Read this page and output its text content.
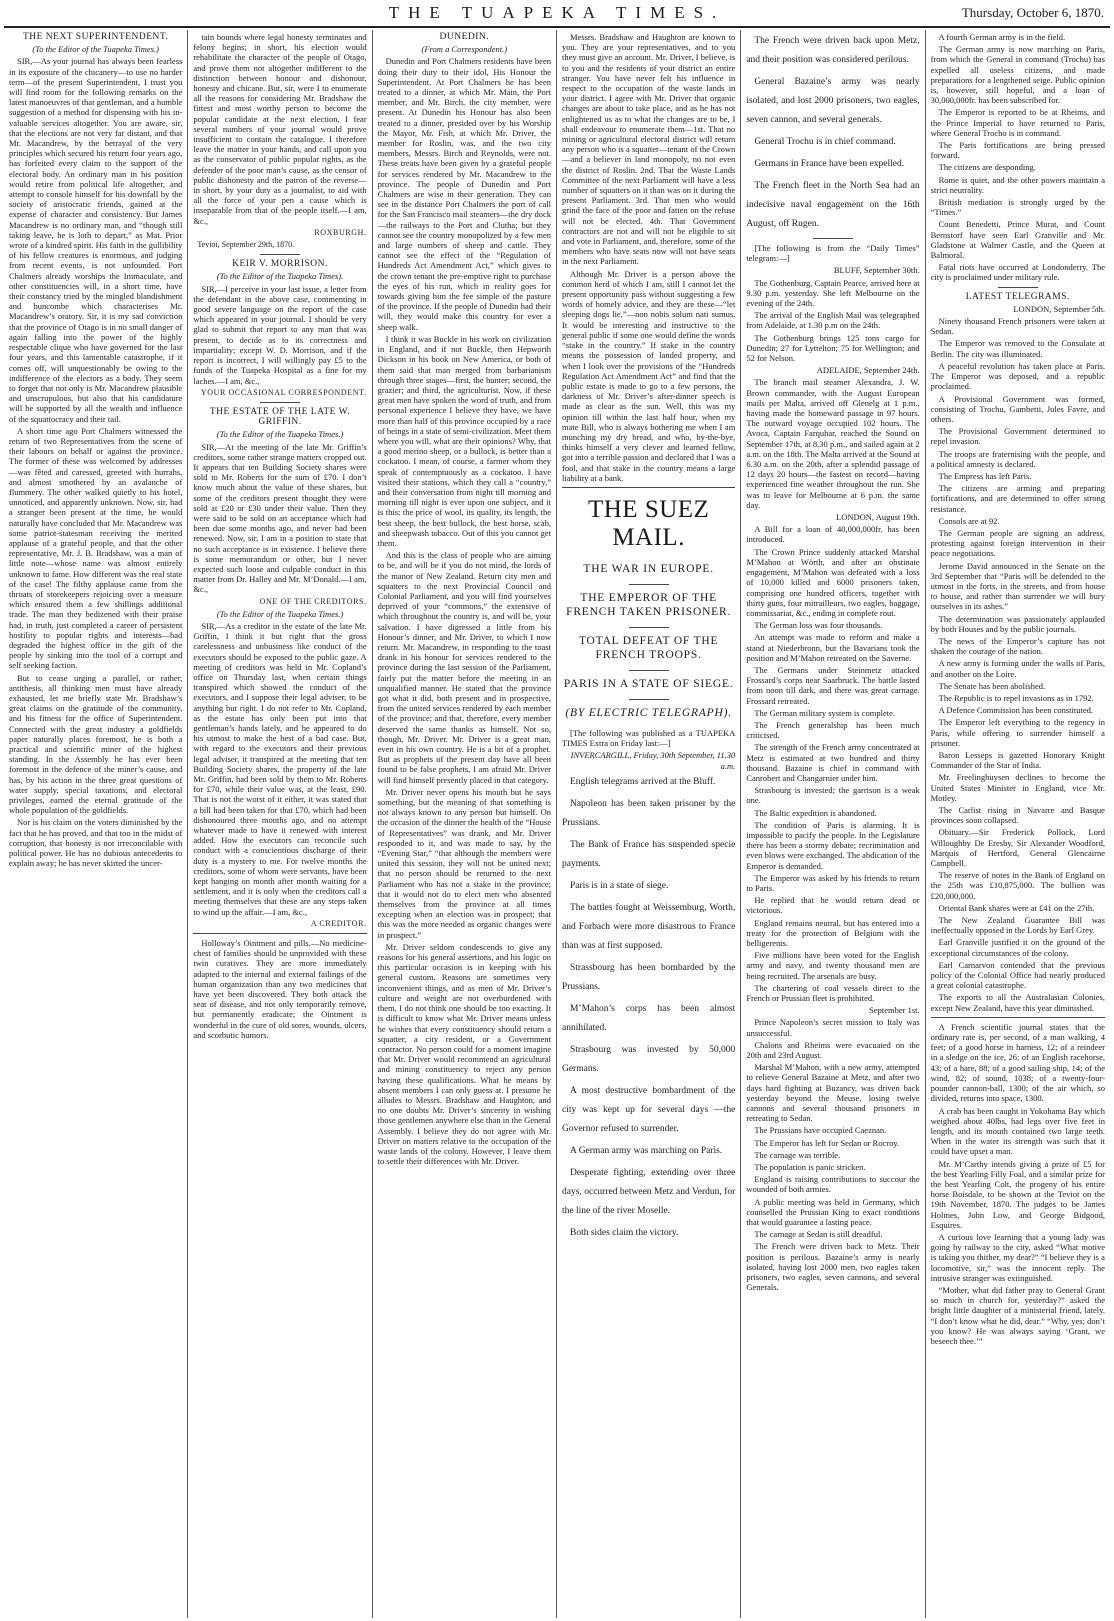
THE TUAPEKA TIMES.	Thursday, October 6, 1870.

THE NEXT SUPERINTENDENT.

(To the Editor of the Tuapeka Times.)

SIR,—As your journal has always been fearless in its exposure of the chicanery—to use no harder term—of the present Superintendent, I trust you will find room for the following remarks on the latest manoeuvres of that gentleman, and a humble suggestion of a method for dispensing with his in-valuable services altogether. You are aware, sir, that the elections are not very far distant, and that Mr. Macandrew, by the betrayal of the very principles which secured his return four years ago, has forfeited every claim to the support of the electoral body. An ordinary man in his position would retire from political life altogether, and attempt to console himself for his downfall by the society of aristocratic friends, gained at the expense of character and consistency. But James Macandrew is no ordinary man, and “though still taking leave, he is loth to depart,” as Mat. Prior wrote of a kindred spirit. His faith in the gullibility of his fellow creatures is enormous, and judging from recent events, is not unfounded. Port Chalmers already worships the Immaculate, and other constituencies will, in a short time, have their constancy tried by the mingled blandishment and buncombe which characterises Mr. Macandrew’s oratory. Sir, it is my sad conviction that the province of Otago is in no small danger of again falling into the power of the highly respectable clique who have governed for the last four years, and this lamentable catastrophe, if it comes off, will unquestionably be owing to the indifference of the electors as a body. They seem to forget that not only is Mr. Macandrew plausible and unscrupulous, but also that his candidature will be supported by all the wealth and influence of the squattocracy and their tail.

A short time ago Port Chalmers witnessed the return of two Representatives from the scene of their labours on behalf or against the province. The former of these was welcomed by addresses—was fêted and caressed, greeted with hurrahs, and almost smothered by an avalanche of flummery. The other walked quietly to his hotel, unnoticed, and apparently unknown. Now, sir, had a stranger been present at the time, he would naturally have concluded that Mr. Macandrew was some patriot-statesman receiving the merited applause of a grateful people, and that the other representative, Mr. J. B. Bradshaw, was a man of little note—whose name was almost entirely unknown to fame. How different was the real state of the case! The filthy applause came from the throats of storekeepers rejoicing over a measure which ensured them a few shillings additional trade. The man they bedizened with their praise had, in truth, just completed a career of persistent hostility to popular rights and interests—had degraded the highest office in the gift of the people by sinking into the tool of a corrupt and self seeking faction.

But to cease urging a parallel, or rather, antithesis, all thinking men must have already exhausted, let me briefly state Mr. Bradshaw’s great claims on the gratitude of the community, and his fitness for the office of Superintendent. Connected with the great industry a goldfields paper naturally places foremost, he is both a practical and scientific miner of the highest standing. In the Assembly he has ever been foremost in the defence of the miner’s cause, and has, by his action in the three great questions of water supply, special taxations, and electoral privileges, earned the eternal gratitude of the whole population of the goldfields.

Nor is his claim on the voters diminished by the fact that he has proved, and that too in the midst of corruption, that honesty is not irreconcilable with political power. He has no dubious antecedents to explain away; he has never skirted the uncer-

tain bounds where legal honesty terminates and felony begins; in short, his election would rehabilitate the character of the people of Otago, and prove them not altogether indifferent to the distinction between honour and dishonour, honesty and chicane. But, sir, were I to enumerate all the reasons for considering Mr. Bradshaw the fittest and most worthy person to become the popular candidate at the next election, I fear several numbers of your journal would prove insufficient to contain the catalogue. I therefore leave the matter in your hands, and call upon you as the conservator of public popular rights, as the defender of the poor man’s cause, as the censor of public dishonesty and the patron of the reverse—in short, by your duty as a journalist, to aid with all the force of your pen a cause which is inseparable from that of the people itself.—I am, &c.,

ROXBURGH.

Teviot, September 29th, 1870.

KEIR V. MORRISON.

(To the Editor of the Tuapeka Times).

SIR,—I perceive in your last issue, a letter from the defendant in the above case, commenting in good severe language on the report of the case which appeared in your journal. I should be very glad to submit that report to any man that was present, to decide as to its correctness and impartiality; except W. D. Morrison, and if the report is incorrect, I will willingly pay £5 to the funds of the Tuapeka Hospital as a fine for my laches.—I am, &c.,

YOUR OCCASIONAL CORRESPONDENT.

THE ESTATE OF THE LATE W. GRIFFIN.

(To the Editor of the Tuapeka Times.)

SIR,—At the meeting of the late Mr. Griffin’s creditors, some rather strange matters cropped out. It appears that ten Building Society shares were sold to Mr. Roberts for the sum of £70. I don’t know much about the value of these shares, but some of the creditors present thought they were sold at £20 or £30 under their value. Then they were said to be sold on an acceptance which had been due some months ago, and never had been renewed. Now, sir, I am in a position to state that no such acceptance is in existence. I believe there is some memorandum or other, but I never expected such loose and culpable conduct in this matter from Dr. Halley and Mr. M’Donald.—I am, &c.,

ONE OF THE CREDITORS.

(To the Editor of the Tuapeka Times.)

SIR,—As a creditor in the estate of the late Mr. Griffin, I think it but right that the gross carelessness and unbusiness like conduct of the executors should be exposed to the public gaze. A meeting of creditors was held in Mr. Copland’s office on Thursday last, when certain things transpired which showed the conduct of the executors, and I suppose their legal adviser, to be anything but right. I do not refer to Mr. Copland, as the estate has only been put into that gentleman’s hands lately, and he appeared to do his utmost to make the best of a bad case. But, with regard to the executors and their previous legal adviser, it transpired at the meeting that ten Building Society shares, the property of the late Mr. Griffin, had been sold by them to Mr. Roberts for £70, while their value was, at the least, £90. That is not the worst of it either, it was stated that a bill had been taken for that £70, which had been dishonoured three months ago, and no attempt whatever made to have it renewed with interest added. How the executors can reconcile such conduct with a conscientious discharge of their duty is a mystery to me. For twelve months the creditors, some of whom were servants, have been kept hanging on month after month waiting for a settlement, and it is only when the creditors call a meeting themselves that these are any steps taken to wind up the affair.—I am, &c.,

A CREDITOR.

Holloway’s Ointment and pills.—No medicine-chest of families should be unprovided with these twin curatives. They are more immediately adapted to the internal and external failings of the human organization than any two medicines that have yet been discovered. They both attack the seat of disease, and not only temporarily remove, but permanently eradicate; the Ointment is wonderful in the cure of old sores, wounds, ulcers, and scorbutic humors.

DUNEDIN.

(From a Correspondent.)

Dunedin and Port Chalmers residents have been doing their duty to their idol, His Honour the Superintendent. At Port Chalmers he has been treated to a dinner, at which Mr. Main, the Port member, and Mr. Birch, the city member, were present. At Dunedin his Honour has also been treated to a dinner, presided over by his Worship the Mayor, Mr. Fish, at which Mr. Driver, the member for Roslin, was, and the two city members, Messrs. Birch and Reynolds, were not. These treats have been given by a grateful people for services rendered by Mr. Macandrew to the province. The people of Dunedin and Port Chalmers are wise in their generation. They can see in the distance Port Chalmers the port of call for the San Francisco mail steamers—the dry dock—the railways to the Port and Clutha; but they cannot see the country monopolized by a few men and large numbers of sheep and cattle. They cannot see the effect of the “Regulation of Hundreds Act Amendment Act,” which gives to the crown tenant the pre-emptive right to purchase the eyes of his run, which in reality goes for towards giving him the fee simple of the pasture of the province. If the people of Dunedin had their will, they would make this country for ever a sheep walk.

I think it was Buckle in his work on civilization in England, and if not Buckle, then Hepworth Dickson in his book on New America, or both of them said that man merged from barbarianism through three stages—first, the hunter; second, the grazier; and third, the agriculturist. Now, if these great men have spoken the word of truth, and from personal experience I believe they have, we have more than half of this province occupied by a race of beings in a state of semi-civilization. Meet them where you will, what are their opinions? Why, that a good merino sheep, or a bullock, is better than a cockatoo. I mean, of course, a farmer whom they speak of contemptuously as a cockatoo. I have visited their stations, which they call a “country,” and their conversation from night till morning and morning till night is ever upon one subject, and it is this: the price of wool, its quality, its length, the best sheep, the best bullock, the best horse, scab, and sheepwash tobacco. Out of this you cannot get them.

And this is the class of people who are aiming to be, and will be if you do not mind, the lords of the manor of New Zealand. Return city men and squatters to the next Provincial Council and Colonial Parliament, and you will find yourselves deprived of your “commons,” the extensive of which throughout the country is, and will be, your salvation. I have digressed a little from his Honour’s dinner, and Mr. Driver, to which I now return. Mr. Macandrew, in responding to the toast drank in his honour for services rendered to the province during the last session of the Parliament, fairly put the matter before the meeting in an unqualified manner. He stated that the province got what it did, both present and in prospective, from the united services rendered by each member of the province; and that, therefore, every member deserved the same thanks as himself. Not so, though, Mr. Driver. Mr. Driver is a great man, even in his own country. He is a bit of a prophet. But as prophets of the present day have all been found to be false prophets, I am afraid Mr. Driver will find himself presently placed in that category.

Mr. Driver never opens his mouth but he says something, but the meaning of that something is not always known to any person but himself. On the occasion of the dinner the health of the “House of Representatives” was drank, and Mr. Driver responded to it, and was made to say, by the “Evening Star,” “that although the members were united this session, they will not be united next; that no person should be returned to the next Parliament who has not a stake in the province; that it would not do to elect men who absented themselves from the province at all times excepting when an election was in prospect; that this was the more needed as organic changes were in prospect.”

Mr. Driver seldom condescends to give any reasons for his general assertions, and his logic on this particular occasion is in keeping with his general custom. Reasons are sometimes very inconvenient things, and as men of Mr. Driver’s culture and weight are not overburdened with them, I do not think one should be too exacting. It is difficult to know what Mr. Driver means unless he wishes that every constituency should return a squatter, a city resident, or a Government contractor. No person could for a moment imagine that Mr. Driver would recommend an agricultural and mining constituency to reject any person having these qualifications. What he means by absent members I can only guess at. I presume he alludes to Messrs. Bradshaw and Haughton, and no one doubts Mr. Driver’s sincerity in wishing those gentlemen anywhere else than in the General Assembly. I believe they do not agree with Mr. Driver on matters relative to the occupation of the waste lands of the colony. However, I leave them to settle their differences with Mr. Driver.

Messrs. Bradshaw and Haughton are known to you. They are your representatives, and to you they must give an account. Mr. Driver, I believe, is to you and the residents of your district an entire stranger. You have never felt his influence in respect to the occupation of the waste lands in your district. I agree with Mr. Driver that organic changes are about to take place, and as he has not enlightened us as to what the changes are to be, I shall endeavour to enumerate them—1st. That no mining or agricultural electoral district will return any person who is a squatter—tenant of the Crown—and a believer in land monopoly, no not even the district of Roslin. 2nd. That the Waste Lands Committee of the next Parliament will have a less number of squatters on it than was on it during the present Parliament. 3rd. That men who would grind the face of the poor and fatten on the refuse will not be elected. 4th. That Government contractors are not and will not be eligible to sit and vote in Parliament, and, therefore, some of the members who have seats now will not have seats in the next Parliament.

Although Mr. Driver is a person above the common herd of which I am, still I cannot let the present opportunity pass without suggesting a few words of homely advice, and they are these—“let sleeping dogs lie,”—non nobis solum nati sumus. It would be interesting and instructive to the general public if some one would define the words “stake in the country.” If stake in the country means the possession of landed property, and when I look over the provisions of the “Hundreds Regulation Act Amendment Act” and find that the public estate is made to go to a few persons, the darkness of Mr. Driver’s after-dinner speech is made as clear as the sun. Well, this was my opinion till within the last half hour, when my mate Bill, who is always bothering me when I am munching my dry bread, and who, by-the-bye, thinks himself a very clever and learned fellow, got into a terrible passion and declared that I was a fool, and that stake in the country means a large liability at a bank.

THE SUEZ MAIL.
THE WAR IN EUROPE.
THE EMPEROR OF THE FRENCH TAKEN PRISONER.
TOTAL DEFEAT OF THE FRENCH TROOPS.
PARIS IN A STATE OF SIEGE.
(BY ELECTRIC TELEGRAPH).

[The following was published as a TUAPEKA TIMES Extra on Friday last:—]

INVERCARGILL, Friday, 30th September, 11.30 a.m.

English telegrams arrived at the Bluff.

Napoleon has been taken prisoner by the Prussians.

The Bank of France has suspended specie payments.

Paris is in a state of siege.

The battles fought at Weissemburg, Worth, and Forbach were more disastrous to France than was at first supposed.

Strassbourg has been bombarded by the Prussians.

M’Mahon’s corps has been almost annihilated.

Strasbourg was invested by 50,000 Germans.

A most destructive bombardment of the city was kept up for several days —the Governor refused to surrender.

A German army was marching on Paris.

Desperate fighting, extending over three days, occurred between Metz and Verdun, for the line of the river Moselle.

Both sides claim the victory.

The French were driven back upon Metz, and their position was considered perilous.

General Bazaine’s army was nearly isolated, and lost 2000 prisoners, two eagles, seven cannon, and several generals.

General Trochu is in chief command.

Germans in France have been expelled.

The French fleet in the North Sea had an indecisive naval engagement on the 16th August, off Rugen.

[The following is from the “Daily Times” telegram:—]

BLUFF, September 30th.

The Gothenburg, Captain Pearce, arrived here at 9.30 p.m. yesterday. She left Melbourne on the evening of the 24th.

The arrival of the English Mail was telegraphed from Adelaide, at 1.30 p.m on the 24th.

The Gothenburg brings 125 tons cargo for Dunedin; 27 for Lyttelton; 75 for Wellington; and 52 for Nelson.

ADELAIDE, September 24th.

The branch mail steamer Alexandra, J. W. Brown commander, with the August European mails per Malta, arrived off Glenelg at 1 p.m., having made the homeward passage in 97 hours. The outward voyage occupied 102 hours. The Avoca, Captain Farquhar, reached the Sound on September 17th, at 8.30 p.m., and sailed again at 2 a.m. on the 18th. The Malta arrived at the Sound at 6.30 a.m. on the 20th, after a splendid passage of 12 days 20 hours—the fastest on record—having experienced fine weather throughout the run. She was to leave for Melbourne at 6 p.m. the same day.

LONDON, August 19th.

A Bill for a loan of 40,000,000fr. has been introduced.

The Crown Prince suddenly attacked Marshal M’Mahon at Wörth, and after an obstinate engagement, M’Mahon was defeated with a loss of 10,000 killed and 6000 prisoners taken, comprising one hundred officers, together with thirty guns, four mitrailleurs, two eagles, baggage, commissariat, &c., ending in complete rout.

The German loss was four thousands.

An attempt was made to reform and make a stand at Niederbronn, but the Bavarians took the position and M’Mahon retreated on the Saverne.

The Germans under Steinmetz attacked Frossard’s corps near Saarbruck. The battle lasted from noon till dark, and there was great carnage. Frossard retreated.

The German military system is complete.

The French generalship has been much criticised.

The strength of the French army concentrated at Metz is estimated at two hundred and thirty thousand. Bazaine is chief in command with Canrobert and Changarnier under him.

Strasbourg is invested; the garrison is a weak one.

The Baltic expedition is abandoned.

The condition of Paris is alarming. It is impossible to pacify the people. In the Legislature there has been a stormy debate; recrimination and even blows were exchanged. The abdication of the Emperor is demanded.

The Emperor was asked by his friends to return to Paris.

He replied that he would return dead or victorious.

England remains neutral, but has entered into a treaty for the protection of Belgium with the belligerents.

Five millions have been voted for the English army and navy, and twenty thousand men are being recruited. The arsenals are busy.

The chartering of coal vessels direct to the French or Prussian fleet is prohibited.

September 1st.

Prince Napoleon’s secret mission to Italy was unsuccessful.

Chalons and Rheims were evacuated on the 20th and 23rd August.

Marshal M’Mahon, with a new army, attempted to relieve General Bazaine at Metz, and after two days hard fighting at Buzancy, was driven back yesterday beyond the Meuse, losing twelve cannons and several thousand prisoners in retreating to Sedan.

The Prussians have occupied Caeznan.

The Emperor has left for Sedan or Rocroy.

The carnage was terrible.

The population is panic stricken.

England is raising contributions to succour the wounded of both armies.

A public meeting was held in Germany, which counselled the Prussian King to exact conditions that would guarantee a lasting peace.

The carnage at Sedan is still dreadful.

The French were driven back to Metz. Their position is perilous. Bazaine’s army is nearly isolated, having lost 2000 men, two eagles taken prisoners, two eagles, seven cannons, and several Generals.

A fourth German army is in the field.

The German army is now marching on Paris, from which the General in command (Trochu) has expelled all useless citizens, and made preparations for a lengthened seige. Public opinion is, however, still hopeful, and a loan of 30,000,000fr. has been subscribed for.

The Emperor is reported to be at Rheims, and the Prince Imperial to have returned to Paris, where General Trocho is in command.

The Paris fortifications are being pressed forward.

The citizens are desponding.

Rome is quiet, and the other powers maintain a strict neutrality.

British mediation is strongly urged by the “Times.”

Count Benedetti, Prince Murat, and Count Bernstorf have seen Earl Granville and Mr. Gladstone at Walmer Castle, and the Queen at Balmoral.

Fatal riots have occurred at Londonderry. The city is proclaimed under military rule.

LATEST TELEGRAMS.

LONDON, September 5th.

Ninety thousand French prisoners were taken at Sedan.

The Emperor was removed to the Consulate at Berlin. The city was illuminated.

A peaceful revolution has taken place at Paris. The Emperor was deposed, and a republic proclaimed.

A Provisional Government was formed, consisting of Trochu, Gambetti, Jules Favre, and others.

The Provisional Government determined to repel invasion.

The troops are fraternising with the people, and a political amnesty is declared.

The Empress has left Paris.

The citizens are arming and preparing fortifications, and are determined to offer strong resistance.

Consols are at 92.

The German people are signing an address, protesting against foreign intervention in their peace negotiations.

Jerome David announced in the Senate on the 3rd September that “Paris will be defended to the utmost in the forts, in the streets, and from house to house, and rather than surrender we will bury ourselves in its ashes.”

The determination was passionately applauded by both Houses and by the public journals.

The news of the Emperor’s capture has not shaken the courage of the nation.

A new army is forming under the walls of Paris, and another on the Loire.

The Senate has been abolished.

The Republic is to repel invasions as in 1792.

A Defence Commission has been constituted.

The Emperor left everything to the regency in Paris, while offering to surrender himself a prisoner.

Baron Lesseps is gazetted Honorary Knight Commander of the Star of India.

Mr. Freelinghuysen declines to become the United States Minister in England, vice Mr. Motley.

The Carlist rising in Navarre and Basque provinces soon collapsed.

Obituary.—Sir Frederick Pollock, Lord Willoughby De Eresby, Sir Alexander Woodford, Marquis of Hertford, General Glencairne Campbell.

The reserve of notes in the Bank of England on the 25th was £10,875,000. The bullion was £20,000,000.

Oriental Bank shares were at £41 on the 27th.

The New Zealand Guarantee Bill was ineffectually opposed in the Lords by Earl Grey.

Earl Granville justified it on the ground of the exceptional circumstances of the colony.

Earl Carnarvon contended that the previous policy of the Colonial Office had nearly produced a great colonial catastrophe.

The exports to all the Australasian Colonies, except New Zealand, have this year diminished.

A French scientific journal states that the ordinary rate is, per second, of a man walking, 4 feet; of a good horse in harness, 12; of a reindeer in a sledge on the ice, 26; of an English racehorse, 43; of a hare, 88; of a good sailing ship, 14; of the wind, 82; of sound, 1038; of a twenty-four-pounder cannon-ball, 1300; of the air which, so divided, returns into space, 1300.

A crab has been caught in Yokohama Bay which weighed about 40lbs, had legs over five feet in length, and its mouth contained two large teeth. When in the water its strength was such that it could have upset a man.

Mr. M’Carthy intends giving a prize of £5 for the best Yearling Filly Foal, and a similar prize for the best Yearling Colt, the progeny of his entire horse Boisdale, to be shown at the Teviot on the 19th November, 1870. The judges to be James Holmes, John Low, and George Bidgood, Esquires.

A curious love learning that a young lady was going by railway to the city, asked “What motive is taking you thither, my dear?” “I believe they is a locomotive, sir,” was the innocent reply. The intrusive stranger was extinguished.

“Mother, what did father pray to General Grant so much in church for, yesterday?” asked the bright little daughter of a ministerial friend, lately. “I don’t know what he did, dear.” “Why, yes; don’t you know? He was always saying ‘Grant, we beseech thee.’”
